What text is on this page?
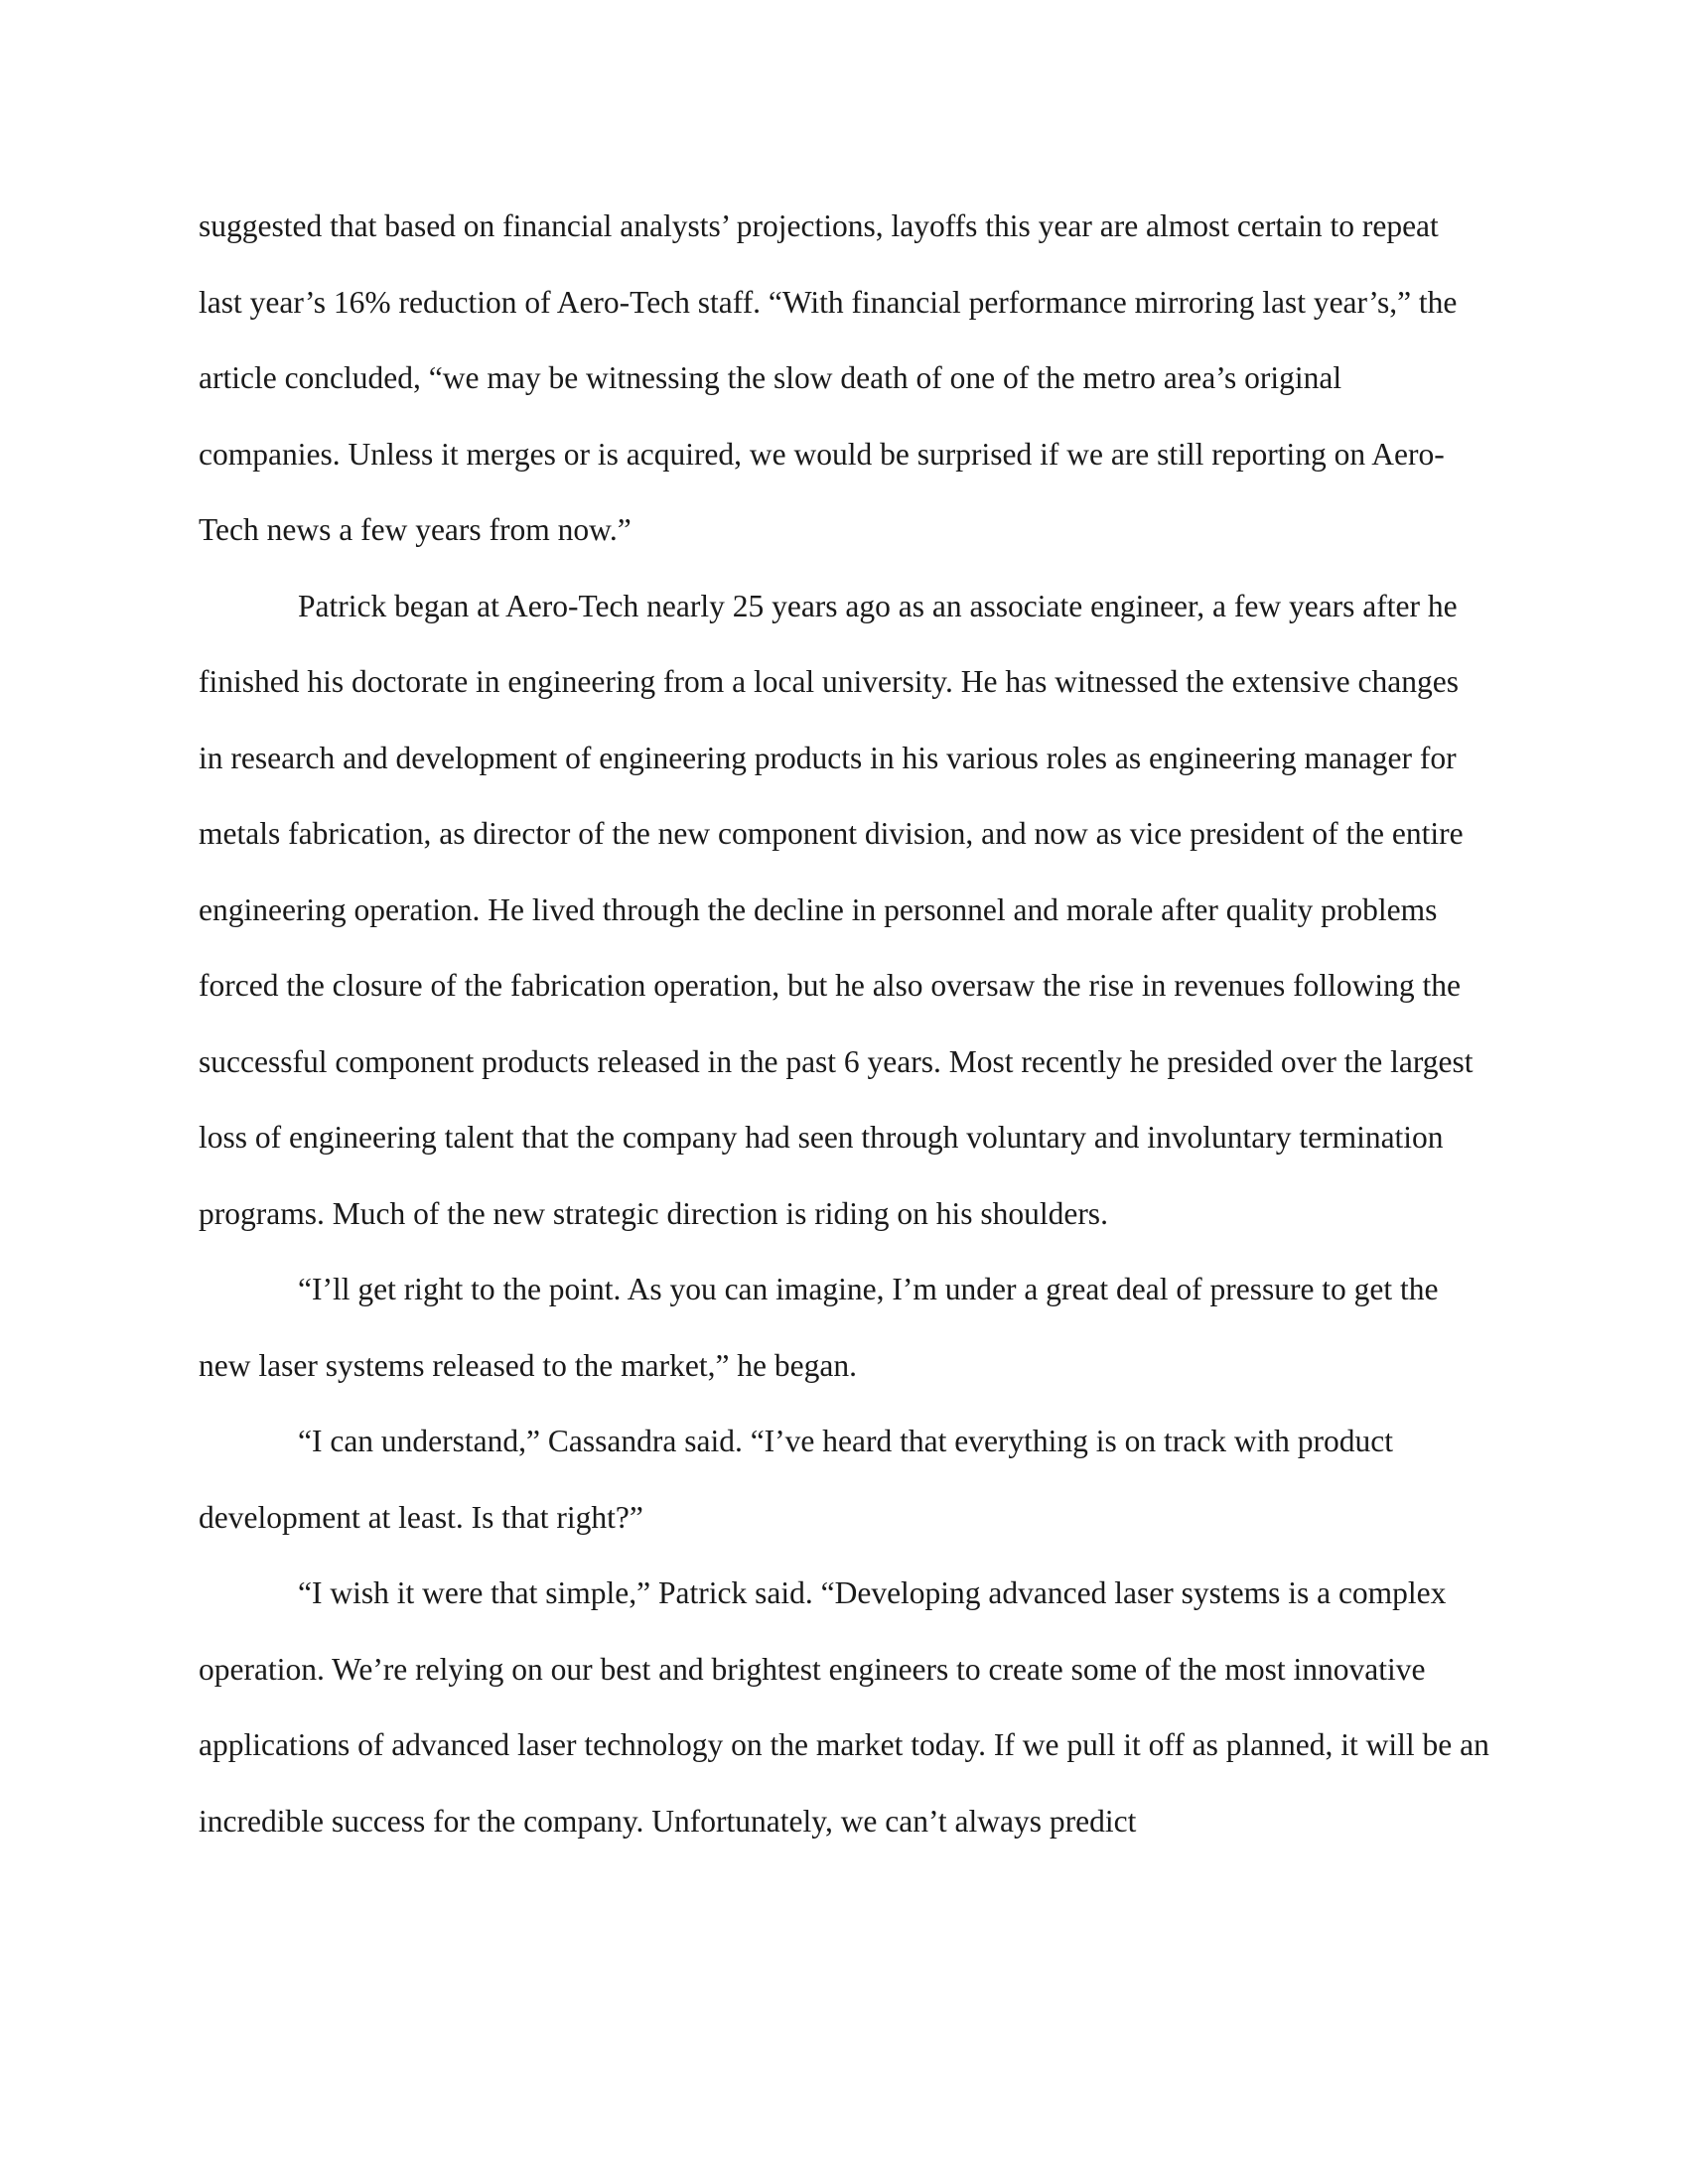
suggested that based on financial analysts’ projections, layoffs this year are almost certain to repeat last year’s 16% reduction of Aero-Tech staff. “With financial performance mirroring last year’s,” the article concluded, “we may be witnessing the slow death of one of the metro area’s original companies. Unless it merges or is acquired, we would be surprised if we are still reporting on Aero-Tech news a few years from now.”

Patrick began at Aero-Tech nearly 25 years ago as an associate engineer, a few years after he finished his doctorate in engineering from a local university. He has witnessed the extensive changes in research and development of engineering products in his various roles as engineering manager for metals fabrication, as director of the new component division, and now as vice president of the entire engineering operation. He lived through the decline in personnel and morale after quality problems forced the closure of the fabrication operation, but he also oversaw the rise in revenues following the successful component products released in the past 6 years. Most recently he presided over the largest loss of engineering talent that the company had seen through voluntary and involuntary termination programs. Much of the new strategic direction is riding on his shoulders.

“I’ll get right to the point. As you can imagine, I’m under a great deal of pressure to get the new laser systems released to the market,” he began.

“I can understand,” Cassandra said. “I’ve heard that everything is on track with product development at least. Is that right?”

“I wish it were that simple,” Patrick said. “Developing advanced laser systems is a complex operation. We’re relying on our best and brightest engineers to create some of the most innovative applications of advanced laser technology on the market today. If we pull it off as planned, it will be an incredible success for the company. Unfortunately, we can’t always predict
